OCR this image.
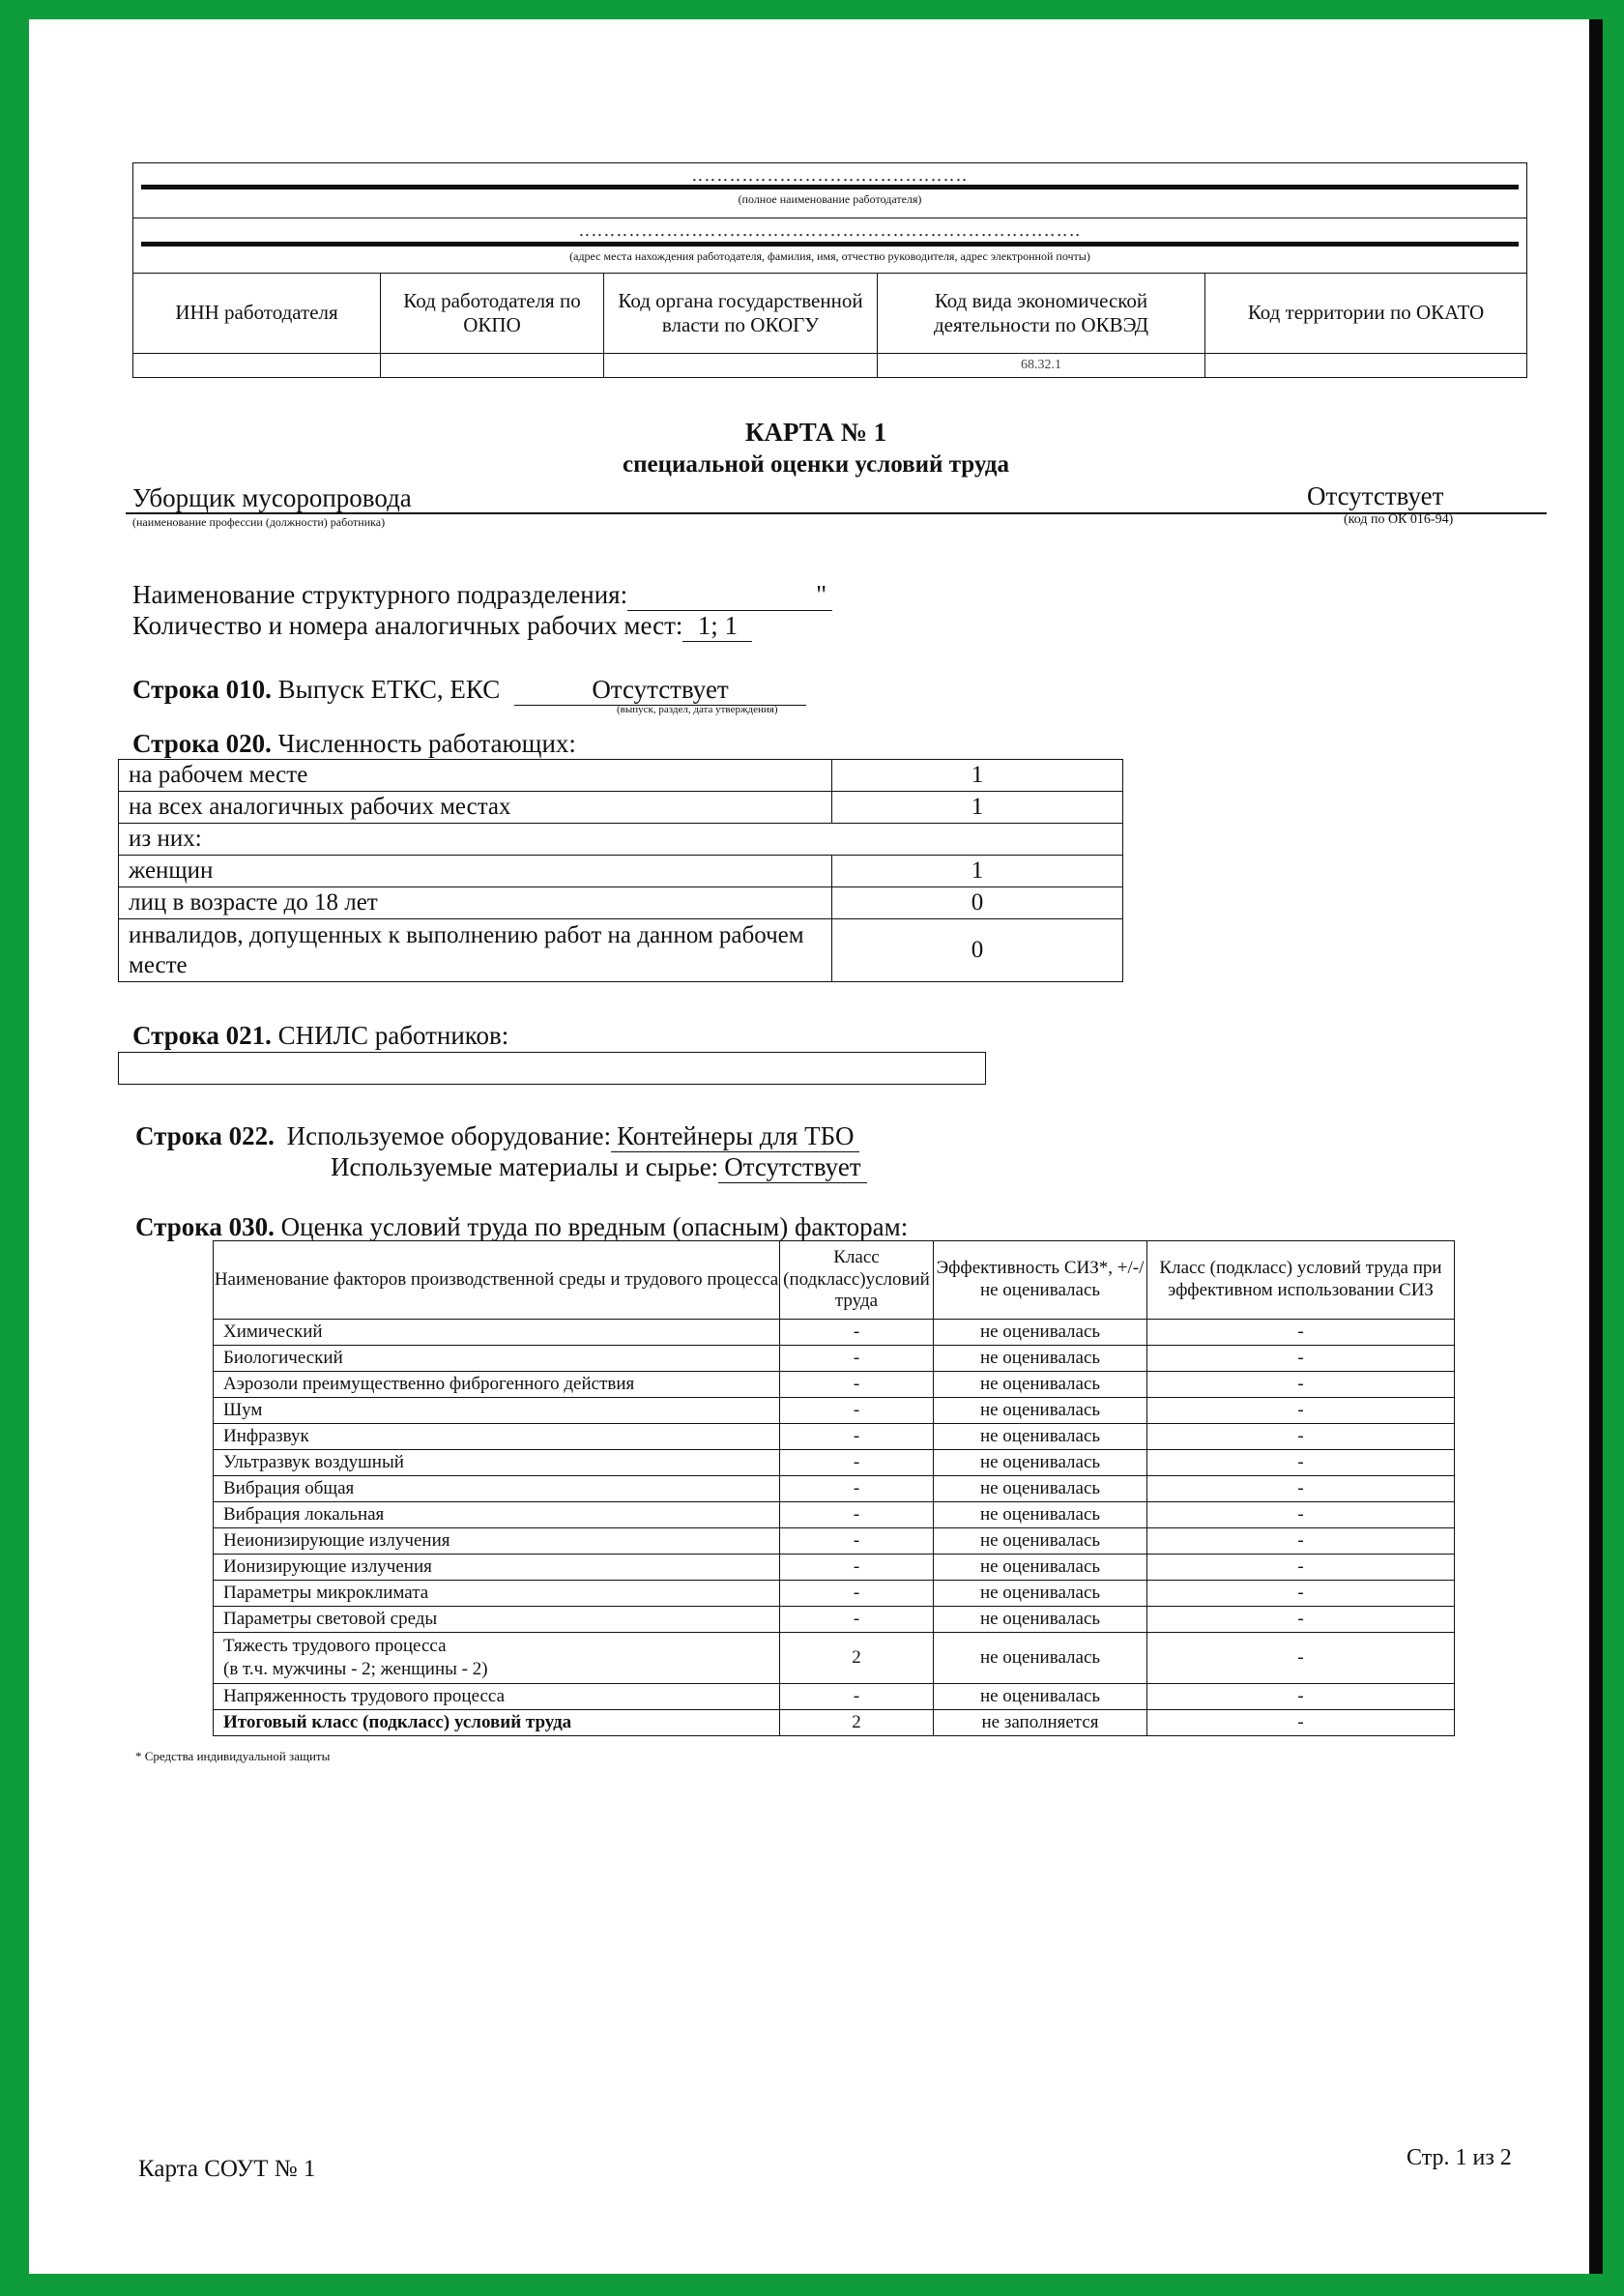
‥‥‥‥‥‥‥‥‥‥‥‥‥‥‥‥‥‥‥‥‥‥
(полное наименование работодателя)
‥‥‥‥‥‥‥‥‥‥‥‥‥‥‥‥‥‥‥‥‥‥‥‥‥‥‥‥‥‥‥‥‥‥‥‥‥‥‥‥
(адрес места нахождения работодателя, фамилия, имя, отчество руководителя, адрес электронной почты)
ИНН работодателя	Код работодателя по ОКПО	Код органа государственной власти по ОКОГУ	Код вида экономической деятельности по ОКВЭД	Код территории по ОКАТО
			68.32.1	
КАРТА № 1
специальной оценки условий труда
Уборщик мусоропровода	Отсутствует
(наименование профессии (должности) работника)	(код по ОК 016-94)
Наименование структурного подразделения:	"
Количество и номера аналогичных рабочих мест: 1; 1
Строка 010. Выпуск ЕТКС, ЕКС	Отсутствует
(выпуск, раздел, дата утверждения)
Строка 020. Численность работающих:
на рабочем месте	1
на всех аналогичных рабочих местах	1
из них:	
женщин	1
лиц в возрасте до 18 лет	0
инвалидов, допущенных к выполнению работ на данном рабочем месте	0
Строка 021. СНИЛС работников:
Строка 022. Используемое оборудование: Контейнеры для ТБО
Используемые материалы и сырье: Отсутствует
Строка 030. Оценка условий труда по вредным (опасным) факторам:
Наименование факторов производственной среды и трудового процесса	Класс (подкласс)условий труда	Эффективность СИЗ*, +/-/не оценивалась	Класс (подкласс) условий труда при эффективном использовании СИЗ
Химический	-	не оценивалась	-
Биологический	-	не оценивалась	-
Аэрозоли преимущественно фиброгенного действия	-	не оценивалась	-
Шум	-	не оценивалась	-
Инфразвук	-	не оценивалась	-
Ультразвук воздушный	-	не оценивалась	-
Вибрация общая	-	не оценивалась	-
Вибрация локальная	-	не оценивалась	-
Неионизирующие излучения	-	не оценивалась	-
Ионизирующие излучения	-	не оценивалась	-
Параметры микроклимата	-	не оценивалась	-
Параметры световой среды	-	не оценивалась	-
Тяжесть трудового процесса
(в т.ч. мужчины - 2; женщины - 2)	2	не оценивалась	-
Напряженность трудового процесса	-	не оценивалась	-
Итоговый класс (подкласс) условий труда	2	не заполняется	-
* Средства индивидуальной защиты
Карта СОУТ № 1	Стр. 1 из 2
